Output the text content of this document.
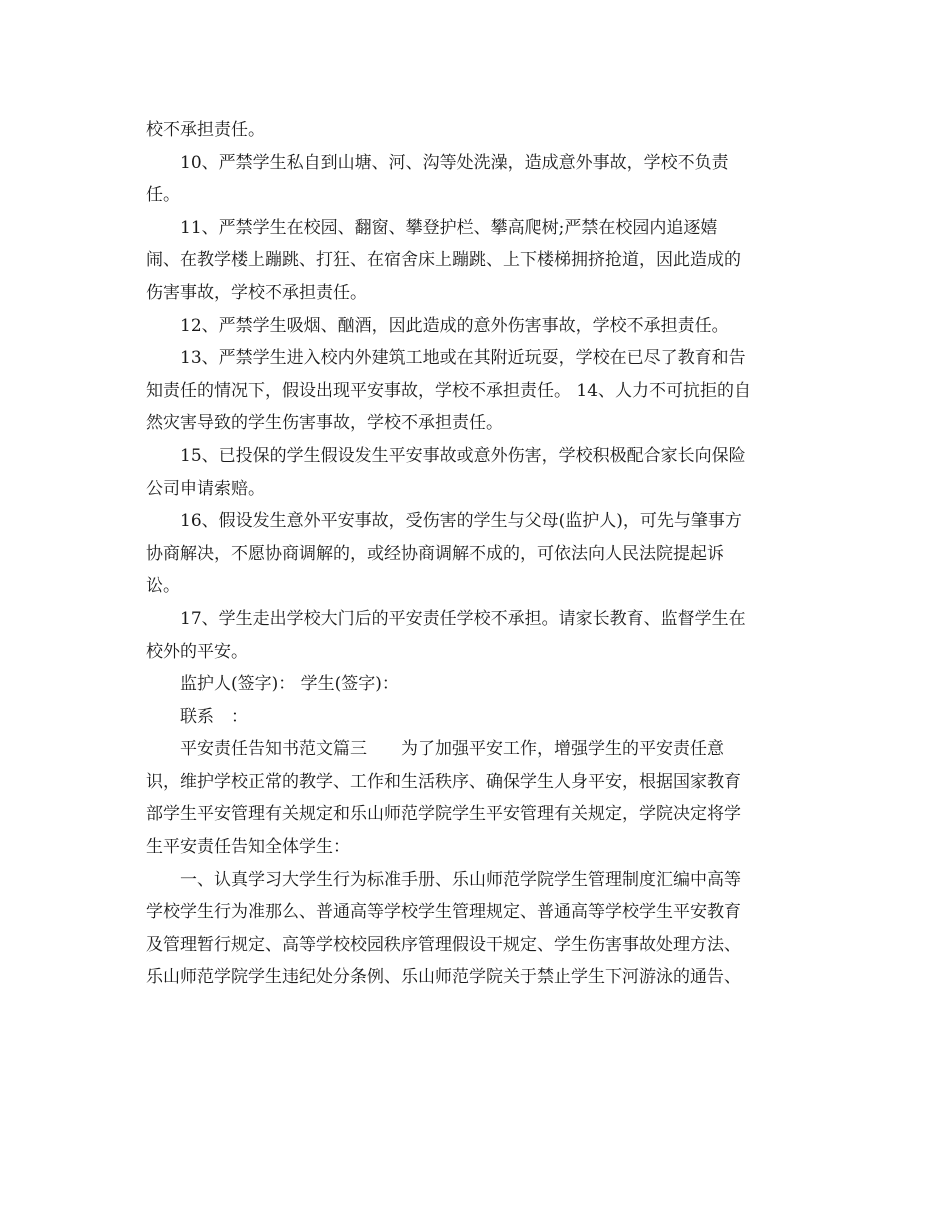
校不承担责任。

10、严禁学生私自到山塘、河、沟等处洗澡，造成意外事故，学校不负责
任。

11、严禁学生在校园、翻窗、攀登护栏、攀高爬树;严禁在校园内追逐嬉
闹、在教学楼上蹦跳、打狂、在宿舍床上蹦跳、上下楼梯拥挤抢道，因此造成的
伤害事故，学校不承担责任。

12、严禁学生吸烟、酗酒，因此造成的意外伤害事故，学校不承担责任。

13、严禁学生进入校内外建筑工地或在其附近玩耍，学校在已尽了教育和告
知责任的情况下，假设出现平安事故，学校不承担责任。 14、人力不可抗拒的自
然灾害导致的学生伤害事故，学校不承担责任。

15、已投保的学生假设发生平安事故或意外伤害，学校积极配合家长向保险
公司申请索赔。

16、假设发生意外平安事故，受伤害的学生与父母(监护人)，可先与肇事方
协商解决，不愿协商调解的，或经协商调解不成的，可依法向人民法院提起诉
讼。

17、学生走出学校大门后的平安责任学校不承担。请家长教育、监督学生在
校外的平安。

监护人(签字)： 学生(签字)：

联系　：

平安责任告知书范文篇三　　为了加强平安工作，增强学生的平安责任意
识，维护学校正常的教学、工作和生活秩序、确保学生人身平安，根据国家教育
部学生平安管理有关规定和乐山师范学院学生平安管理有关规定，学院决定将学
生平安责任告知全体学生：

一、认真学习大学生行为标准手册、乐山师范学院学生管理制度汇编中高等
学校学生行为准那么、普通高等学校学生管理规定、普通高等学校学生平安教育
及管理暂行规定、高等学校校园秩序管理假设干规定、学生伤害事故处理方法、
乐山师范学院学生违纪处分条例、乐山师范学院关于禁止学生下河游泳的通告、
